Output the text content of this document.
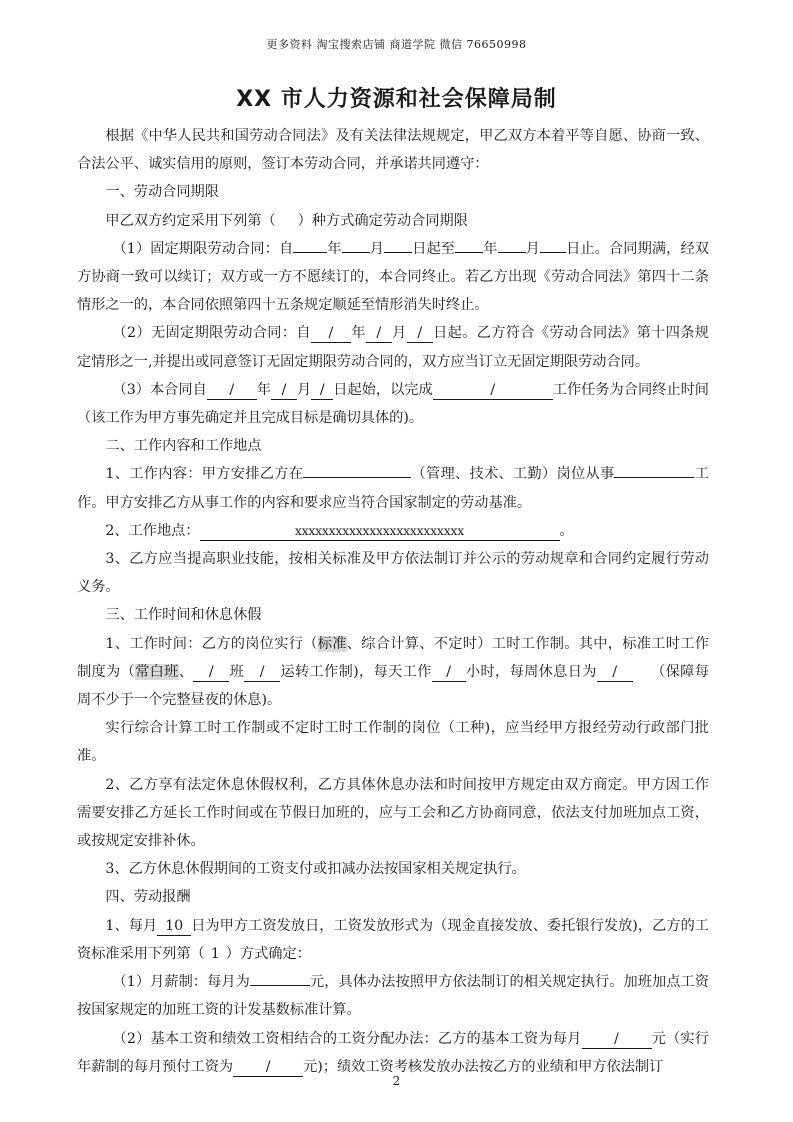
更多资料 淘宝搜索店铺 商道学院 微信 76650998
XX 市人力资源和社会保障局制

根据《中华人民共和国劳动合同法》及有关法律法规规定，甲乙双方本着平等自愿、协商一致、合法公平、诚实信用的原则，签订本劳动合同，并承诺共同遵守：

一、劳动合同期限

甲乙双方约定采用下列第（ ）种方式确定劳动合同期限

（1）固定期限劳动合同：自 年 月 日起至 年 月 日止。合同期满，经双方协商一致可以续订；双方或一方不愿续订的，本合同终止。若乙方出现《劳动合同法》第四十二条情形之一的，本合同依照第四十五条规定顺延至情形消失时终止。

（2）无固定期限劳动合同：自 / 年 / 月 / 日起。乙方符合《劳动合同法》第十四条规定情形之一,并提出或同意签订无固定期限劳动合同的，双方应当订立无固定期限劳动合同。

（3）本合同自 / 年 / 月 / 日起始，以完成	/	工作任务为合同终止时间（该工作为甲方事先确定并且完成目标是确切具体的)。

二、工作内容和工作地点

1、工作内容：甲方安排乙方在	（管理、技术、工勤）岗位从事	工作。甲方安排乙方从事工作的内容和要求应当符合国家制定的劳动基准。

2、工作地点：	xxxxxxxxxxxxxxxxxxxxxxxxx	。

3、乙方应当提高职业技能，按相关标准及甲方依法制订并公示的劳动规章和合同约定履行劳动义务。

三、工作时间和休息休假

1、工作时间：乙方的岗位实行（标准、综合计算、不定时）工时工作制。其中，标准工时工作制度为（常白班、 / 班 / 运转工作制)，每天工作 / 小时，每周休息日为 / （保障每周不少于一个完整昼夜的休息)。

实行综合计算工时工作制或不定时工时工作制的岗位（工种)，应当经甲方报经劳动行政部门批准。

2、乙方享有法定休息休假权利，乙方具体休息办法和时间按甲方规定由双方商定。甲方因工作需要安排乙方延长工作时间或在节假日加班的，应与工会和乙方协商同意，依法支付加班加点工资，或按规定安排补休。

3、乙方休息休假期间的工资支付或扣减办法按国家相关规定执行。

四、劳动报酬

1、每月 10 日为甲方工资发放日，工资发放形式为（现金直接发放、委托银行发放)，乙方的工资标准采用下列第（ 1 ）方式确定：

（1）月薪制：每月为	元，具体办法按照甲方依法制订的相关规定执行。加班加点工资按国家规定的加班工资的计发基数标准计算。

（2）基本工资和绩效工资相结合的工资分配办法：乙方的基本工资为每月 / 元（实行年薪制的每月预付工资为 / 元)；绩效工资考核发放办法按乙方的业绩和甲方依法制订

2
